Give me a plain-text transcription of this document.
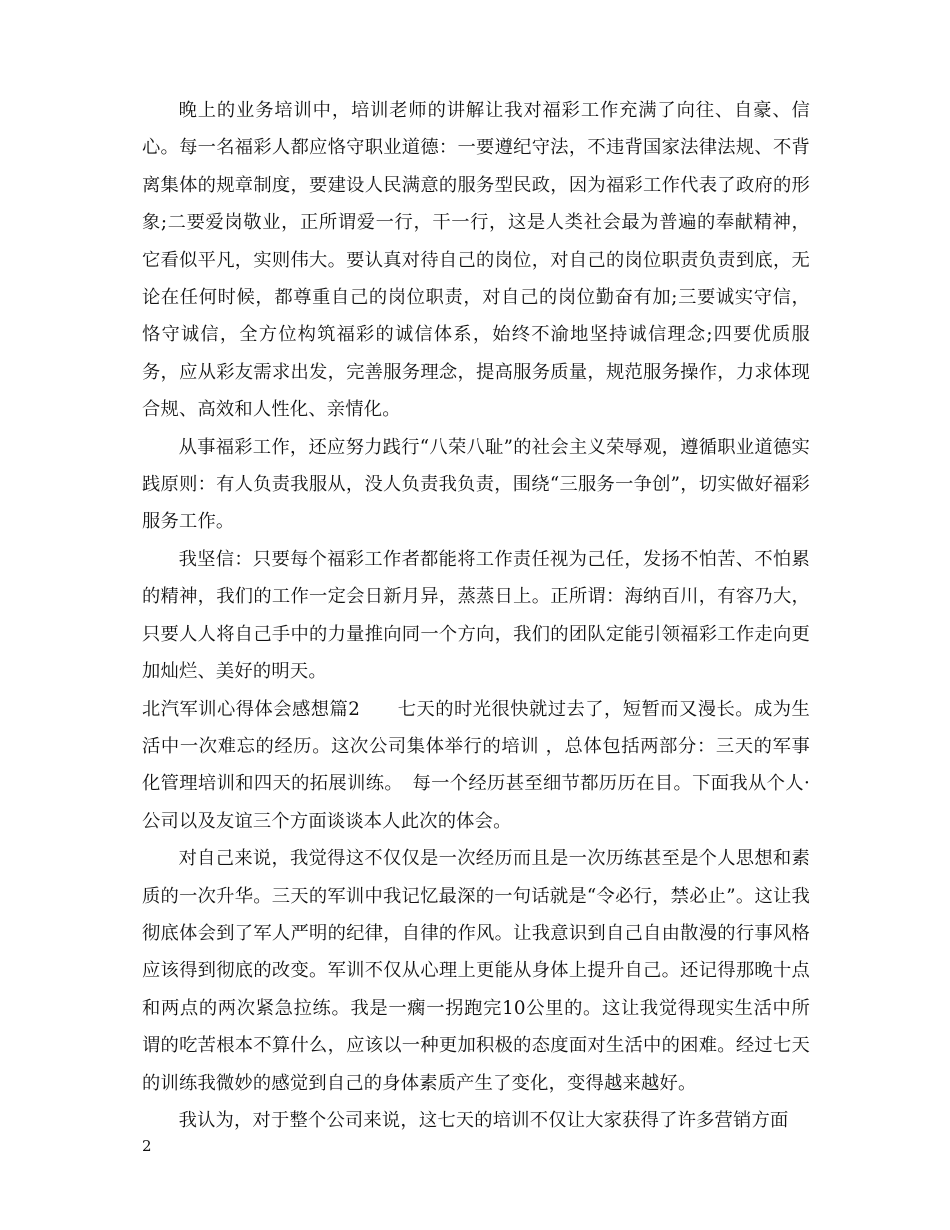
晚上的业务培训中，培训老师的讲解让我对福彩工作充满了向往、自豪、信心。每一名福彩人都应恪守职业道德：一要遵纪守法，不违背国家法律法规、不背离集体的规章制度，要建设人民满意的服务型民政，因为福彩工作代表了政府的形象;二要爱岗敬业，正所谓爱一行，干一行，这是人类社会最为普遍的奉献精神，它看似平凡，实则伟大。要认真对待自己的岗位，对自己的岗位职责负责到底，无论在任何时候，都尊重自己的岗位职责，对自己的岗位勤奋有加;三要诚实守信，恪守诚信，全方位构筑福彩的诚信体系，始终不渝地坚持诚信理念;四要优质服务，应从彩友需求出发，完善服务理念，提高服务质量，规范服务操作，力求体现合规、高效和人性化、亲情化。

从事福彩工作，还应努力践行“八荣八耻”的社会主义荣辱观，遵循职业道德实践原则：有人负责我服从，没人负责我负责，围绕“三服务一争创”，切实做好福彩服务工作。

我坚信：只要每个福彩工作者都能将工作责任视为己任，发扬不怕苦、不怕累的精神，我们的工作一定会日新月异，蒸蒸日上。正所谓：海纳百川，有容乃大，只要人人将自己手中的力量推向同一个方向，我们的团队定能引领福彩工作走向更加灿烂、美好的明天。

北汽军训心得体会感想篇2　　七天的时光很快就过去了，短暂而又漫长。成为生活中一次难忘的经历。这次公司集体举行的培训 ，总体包括两部分：三天的军事化管理培训和四天的拓展训练。　每一个经历甚至细节都历历在目。下面我从个人·公司以及友谊三个方面谈谈本人此次的体会。

对自己来说，我觉得这不仅仅是一次经历而且是一次历练甚至是个人思想和素质的一次升华。三天的军训中我记忆最深的一句话就是“令必行，禁必止”。这让我彻底体会到了军人严明的纪律，自律的作风。让我意识到自己自由散漫的行事风格应该得到彻底的改变。军训不仅从心理上更能从身体上提升自己。还记得那晚十点和两点的两次紧急拉练。我是一瘸一拐跑完10公里的。这让我觉得现实生活中所谓的吃苦根本不算什么，应该以一种更加积极的态度面对生活中的困难。经过七天的训练我微妙的感觉到自己的身体素质产生了变化，变得越来越好。

我认为，对于整个公司来说，这七天的培训不仅让大家获得了许多营销方面

2
